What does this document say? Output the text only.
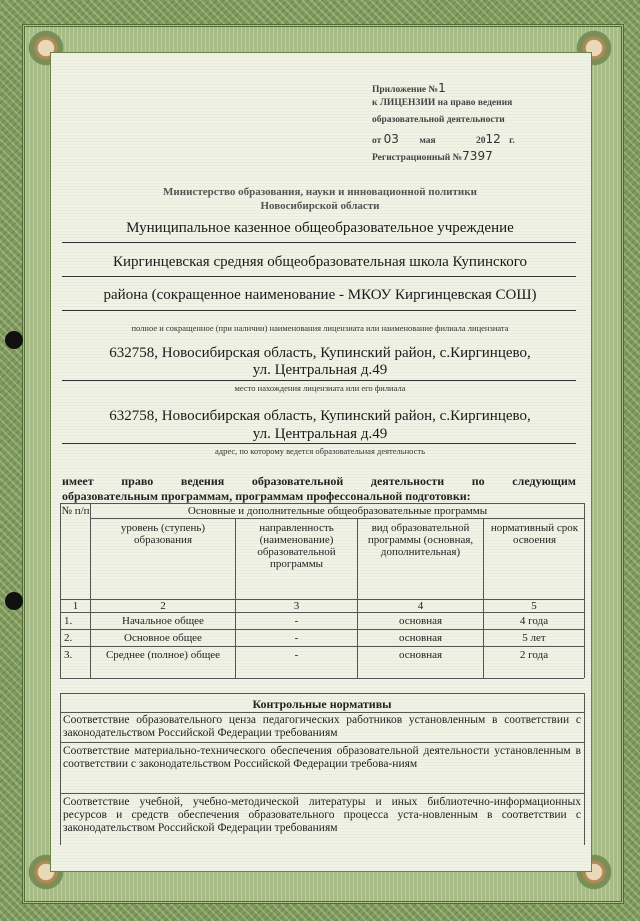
Приложение №1
к ЛИЦЕНЗИИ на право ведения
образовательной деятельности
от 03 мая	2012 г.
Регистрационный №7397
Министерство образования, науки и инновационной политики
Новосибирской области
Муниципальное казенное общеобразовательное учреждение
Киргинцевская средняя общеобразовательная школа Купинского
района (сокращенное наименование - МКОУ Киргинцевская СОШ)
полное и сокращенное (при наличии) наименования лицензиата или наименование филиала лицензиата
632758, Новосибирская область, Купинский район, с.Киргинцево,
ул. Центральная д.49
место нахождения лицензиата или его филиала
632758, Новосибирская область, Купинский район, с.Киргинцево,
ул. Центральная д.49
адрес, по которому ведется образовательная деятельность
имеет право ведения образовательной деятельности по следующим
образовательным программам, программам профессональной подготовки:
№ п/п	Основные и дополнительные общеобразовательные программы
уровень (ступень) образования
направленность (наименование) образовательной программы
вид образовательной программы (основная, дополнительная)
нормативный срок освоения
1	2	3	4	5
1.	Начальное общее	-	основная	4 года
2.	Основное общее	-	основная	5 лет
3.	Среднее (полное) общее	-	основная	2 года
Контрольные нормативы
Соответствие образовательного ценза педагогических работников установленным в соответствии с законодательством Российской Федерации требованиям
Соответствие материально-технического обеспечения образовательной деятельности установленным в соответствии с законодательством Российской Федерации требова-ниям
Соответствие учебной, учебно-методической литературы и иных библиотечно-информационных ресурсов и средств обеспечения образовательного процесса уста-новленным в соответствии с законодательством Российской Федерации требованиям
